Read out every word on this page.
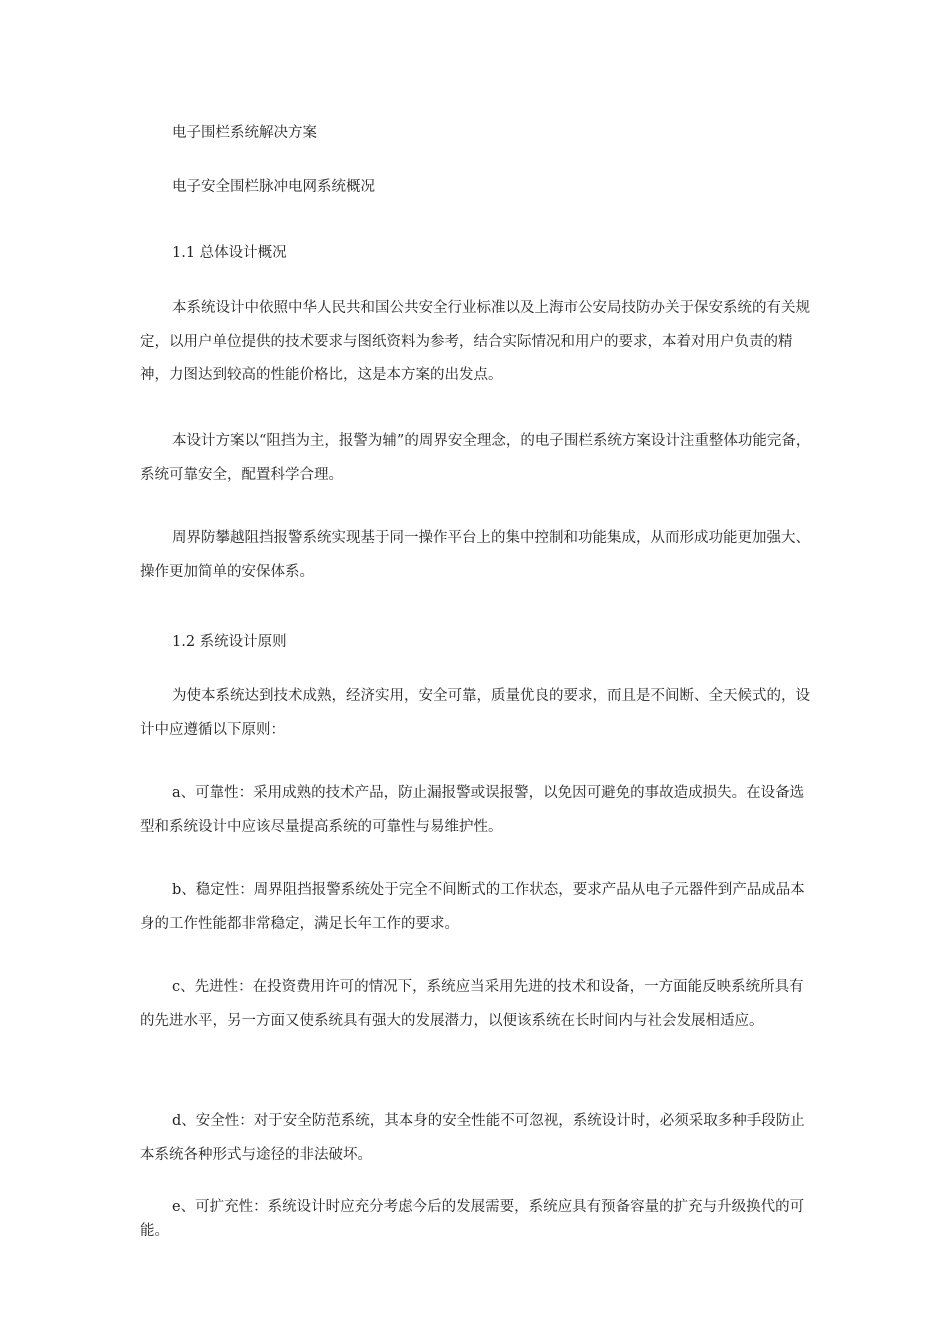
电子围栏系统解决方案

电子安全围栏脉冲电网系统概况

1.1 总体设计概况

本系统设计中依照中华人民共和国公共安全行业标准以及上海市公安局技防办关于保安系统的有关规定，以用户单位提供的技术要求与图纸资料为参考，结合实际情况和用户的要求，本着对用户负责的精神，力图达到较高的性能价格比，这是本方案的出发点。

本设计方案以“阻挡为主，报警为辅”的周界安全理念，的电子围栏系统方案设计注重整体功能完备，系统可靠安全，配置科学合理。

周界防攀越阻挡报警系统实现基于同一操作平台上的集中控制和功能集成，从而形成功能更加强大、操作更加简单的安保体系。

1.2 系统设计原则

为使本系统达到技术成熟，经济实用，安全可靠，质量优良的要求，而且是不间断、全天候式的，设计中应遵循以下原则：

a、可靠性：采用成熟的技术产品，防止漏报警或误报警，以免因可避免的事故造成损失。在设备选型和系统设计中应该尽量提高系统的可靠性与易维护性。

b、稳定性：周界阻挡报警系统处于完全不间断式的工作状态，要求产品从电子元器件到产品成品本身的工作性能都非常稳定，满足长年工作的要求。

c、先进性：在投资费用许可的情况下，系统应当采用先进的技术和设备，一方面能反映系统所具有的先进水平，另一方面又使系统具有强大的发展潜力，以便该系统在长时间内与社会发展相适应。

d、安全性：对于安全防范系统，其本身的安全性能不可忽视，系统设计时，必须采取多种手段防止本系统各种形式与途径的非法破坏。

e、可扩充性：系统设计时应充分考虑今后的发展需要，系统应具有预备容量的扩充与升级换代的可能。
